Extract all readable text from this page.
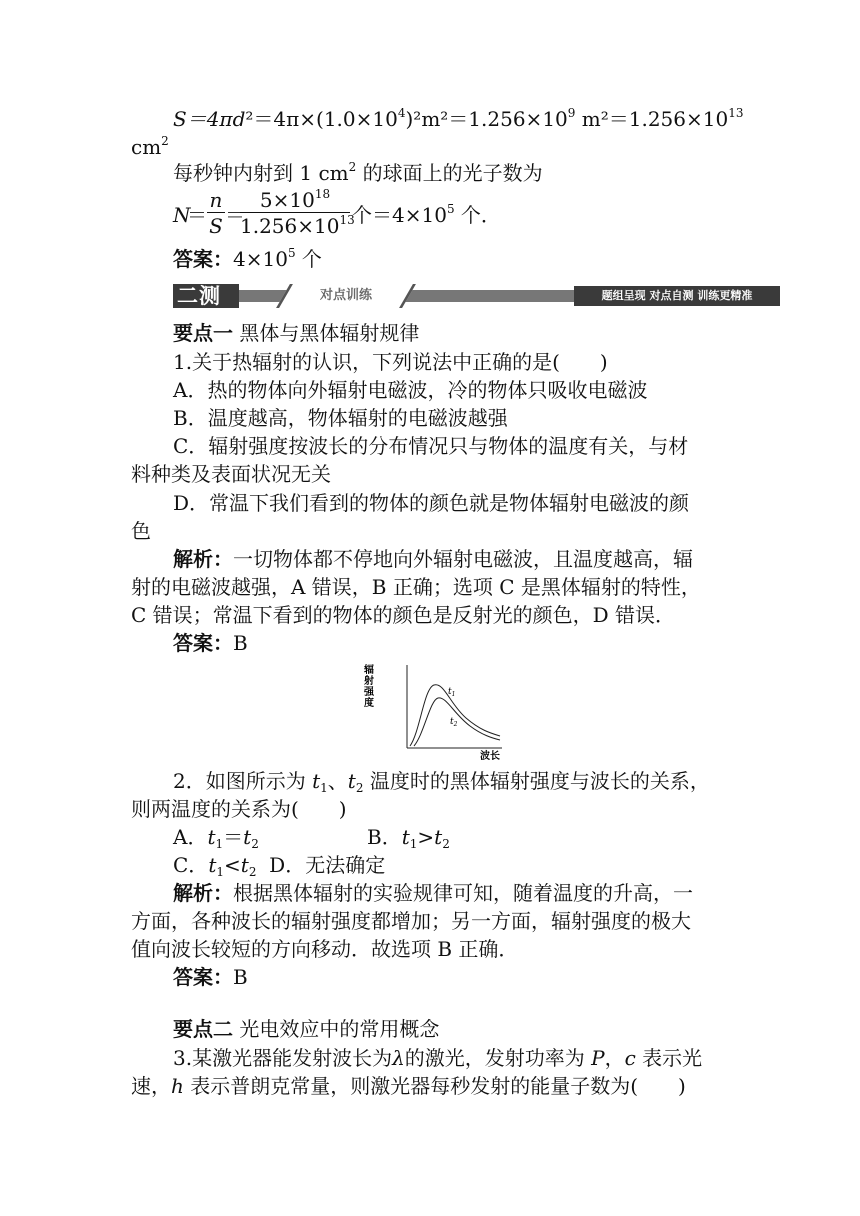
$S=4\pi d^2=4\pi\times(1.0\times 10^4)^2m^2=1.256\times 10^9$ $m^2=1.256\times 10^{13}$
$cm^2$
每秒钟内射到 1 $cm^2$ 的球面上的光子数为
N
＝
n
S ＝
$5\times 10^{18}$
$1.256\times 10^{13}$
个$=4\times 10^5$ 个．
答案：$4\times 10^5$ 个
二测	对点训练	题组呈现 对点自测 训练更精准
要点一 黑体与黑体辐射规律
1.关于热辐射的认识，下列说法中正确的是(　　)
A．热的物体向外辐射电磁波，冷的物体只吸收电磁波
B．温度越高，物体辐射的电磁波越强
C．辐射强度按波长的分布情况只与物体的温度有关，与材
料种类及表面状况无关
D．常温下我们看到的物体的颜色就是物体辐射电磁波的颜
色
解析：一切物体都不停地向外辐射电磁波，且温度越高，辐
射的电磁波越强，A 错误，B 正确；选项 C 是黑体辐射的特性，
C 错误；常温下看到的物体的颜色是反射光的颜色，D 错误．
答案：B
辐
射
强
度
$t_1$
$t_2$
波长
2．如图所示为 $t_1$、$t_2$ 温度时的黑体辐射强度与波长的关系，
则两温度的关系为(　　)
A．$t_1=t_2$	B．$t_1>t_2$
C．$t_1<t_2$ D．无法确定
解析：根据黑体辐射的实验规律可知，随着温度的升高，一
方面，各种波长的辐射强度都增加；另一方面，辐射强度的极大
值向波长较短的方向移动．故选项 B 正确．
答案：B
要点二 光电效应中的常用概念
3.某激光器能发射波长为λ的激光，发射功率为 P，c 表示光
速，h 表示普朗克常量，则激光器每秒发射的能量子数为(　　)
